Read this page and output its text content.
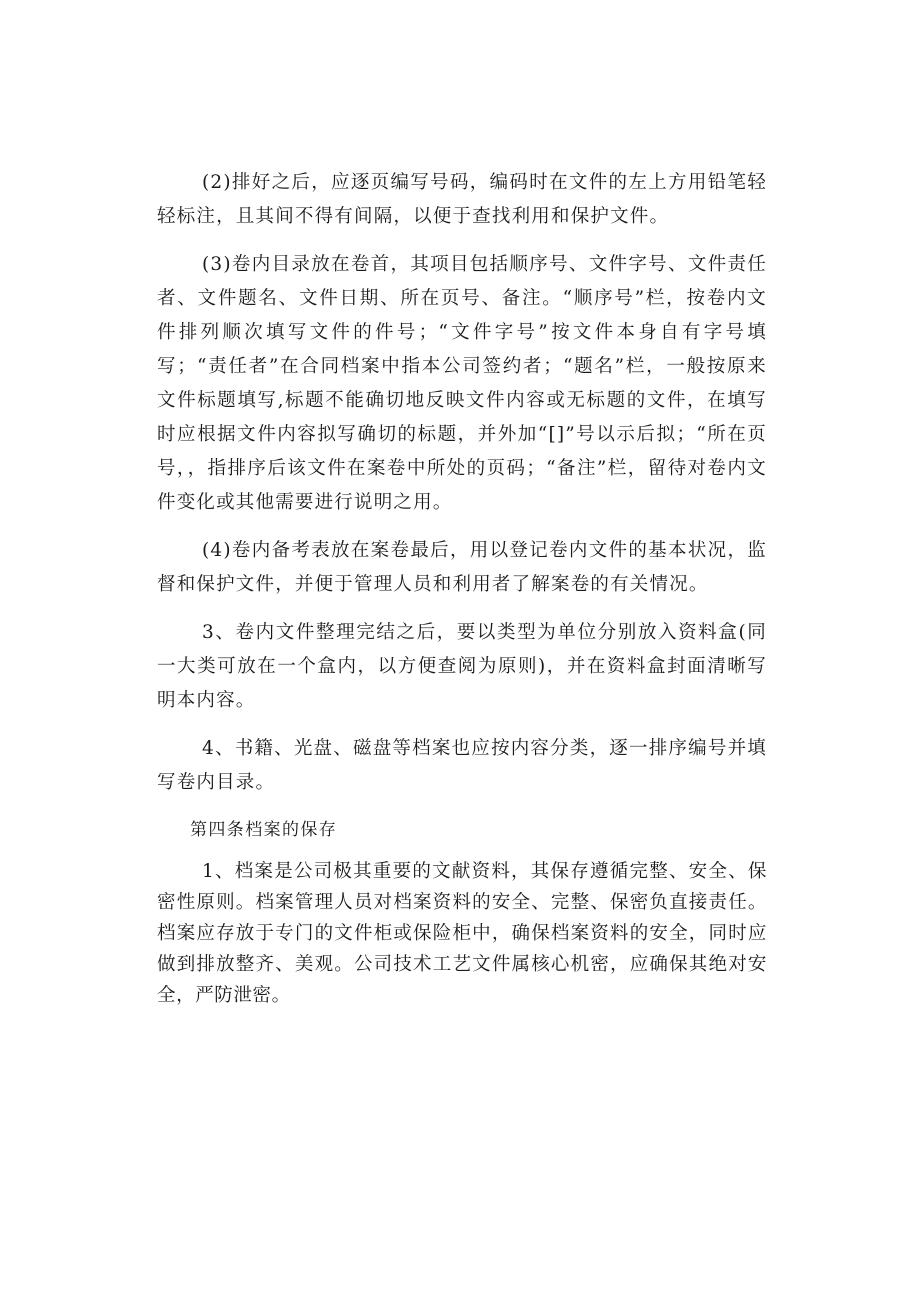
(2)排好之后，应逐页编写号码，编码时在文件的左上方用铅笔轻轻标注，且其间不得有间隔，以便于查找利用和保护文件。

(3)卷内目录放在卷首，其项目包括顺序号、文件字号、文件责任者、文件题名、文件日期、所在页号、备注。“顺序号”栏，按卷内文件排列顺次填写文件的件号；“文件字号”按文件本身自有字号填写；“责任者”在合同档案中指本公司签约者；“题名”栏，一般按原来文件标题填写,标题不能确切地反映文件内容或无标题的文件，在填写时应根据文件内容拟写确切的标题，并外加“[]”号以示后拟；“所在页号，，指排序后该文件在案卷中所处的页码；“备注”栏，留待对卷内文件变化或其他需要进行说明之用。

(4)卷内备考表放在案卷最后，用以登记卷内文件的基本状况，监督和保护文件，并便于管理人员和利用者了解案卷的有关情况。

3、卷内文件整理完结之后，要以类型为单位分别放入资料盒(同一大类可放在一个盒内，以方便查阅为原则)，并在资料盒封面清晰写明本内容。

4、书籍、光盘、磁盘等档案也应按内容分类，逐一排序编号并填写卷内目录。

第四条档案的保存

1、档案是公司极其重要的文献资料，其保存遵循完整、安全、保密性原则。档案管理人员对档案资料的安全、完整、保密负直接责任。档案应存放于专门的文件柜或保险柜中，确保档案资料的安全，同时应做到排放整齐、美观。公司技术工艺文件属核心机密，应确保其绝对安全，严防泄密。
